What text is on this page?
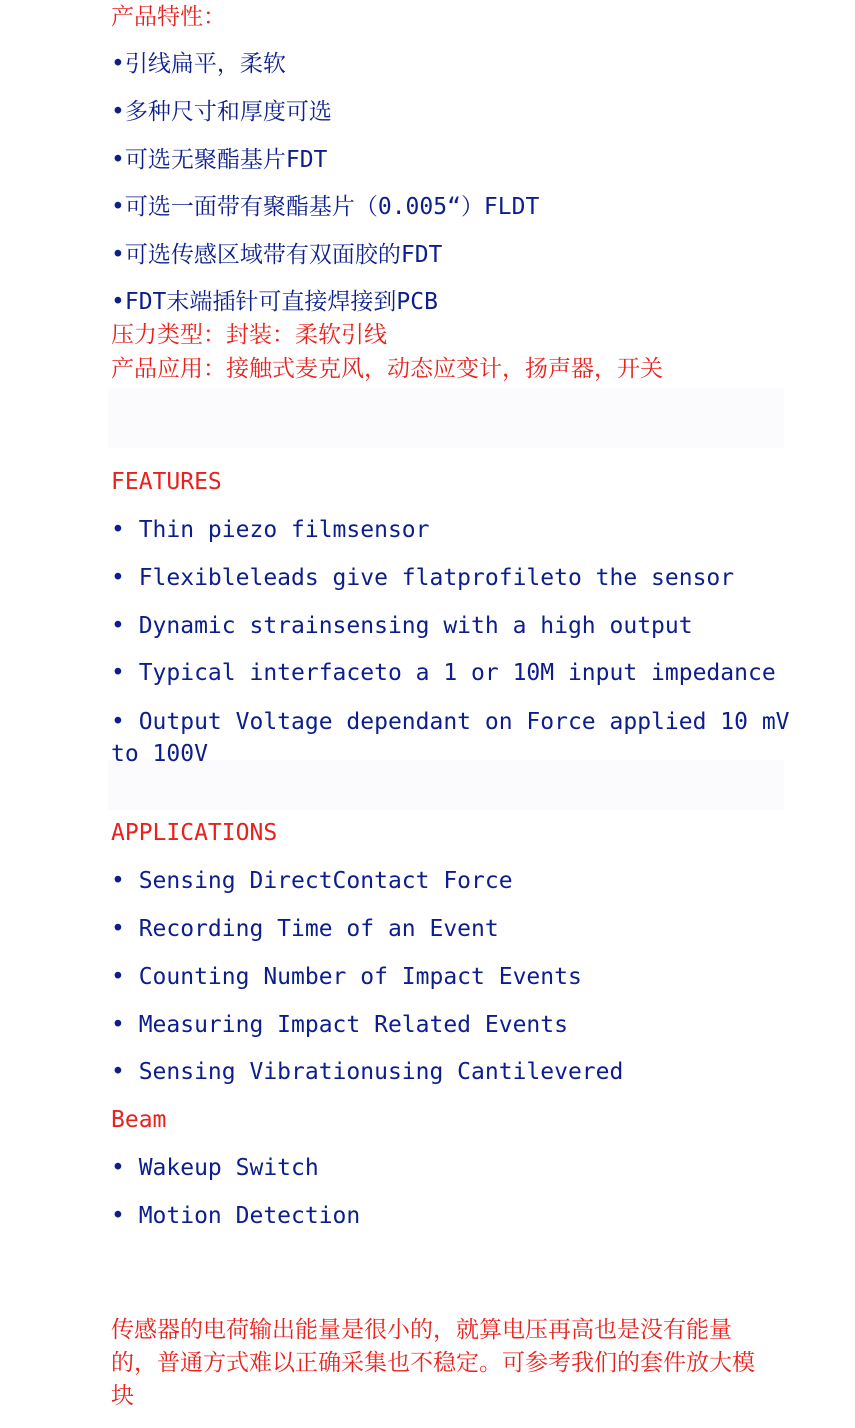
产品特性：

•引线扁平，柔软

•多种尺寸和厚度可选

•可选无聚酯基片FDT

•可选一面带有聚酯基片（0.005“）FLDT

•可选传感区域带有双面胶的FDT

•FDT末端插针可直接焊接到PCB

压力类型：封装：柔软引线

产品应用：接触式麦克风，动态应变计，扬声器，开关

FEATURES

• Thin piezo filmsensor

• Flexibleleads give flatprofileto the sensor

• Dynamic strainsensing with a high output

• Typical interfaceto a 1 or 10M input impedance

• Output Voltage dependant on Force applied 10 mV to 100V

APPLICATIONS

• Sensing DirectContact Force

• Recording Time of an Event

• Counting Number of Impact Events

• Measuring Impact Related Events

• Sensing Vibrationusing Cantilevered

Beam

• Wakeup Switch

• Motion Detection

传感器的电荷输出能量是很小的，就算电压再高也是没有能量的，普通方式难以正确采集也不稳定。可参考我们的套件放大模块
